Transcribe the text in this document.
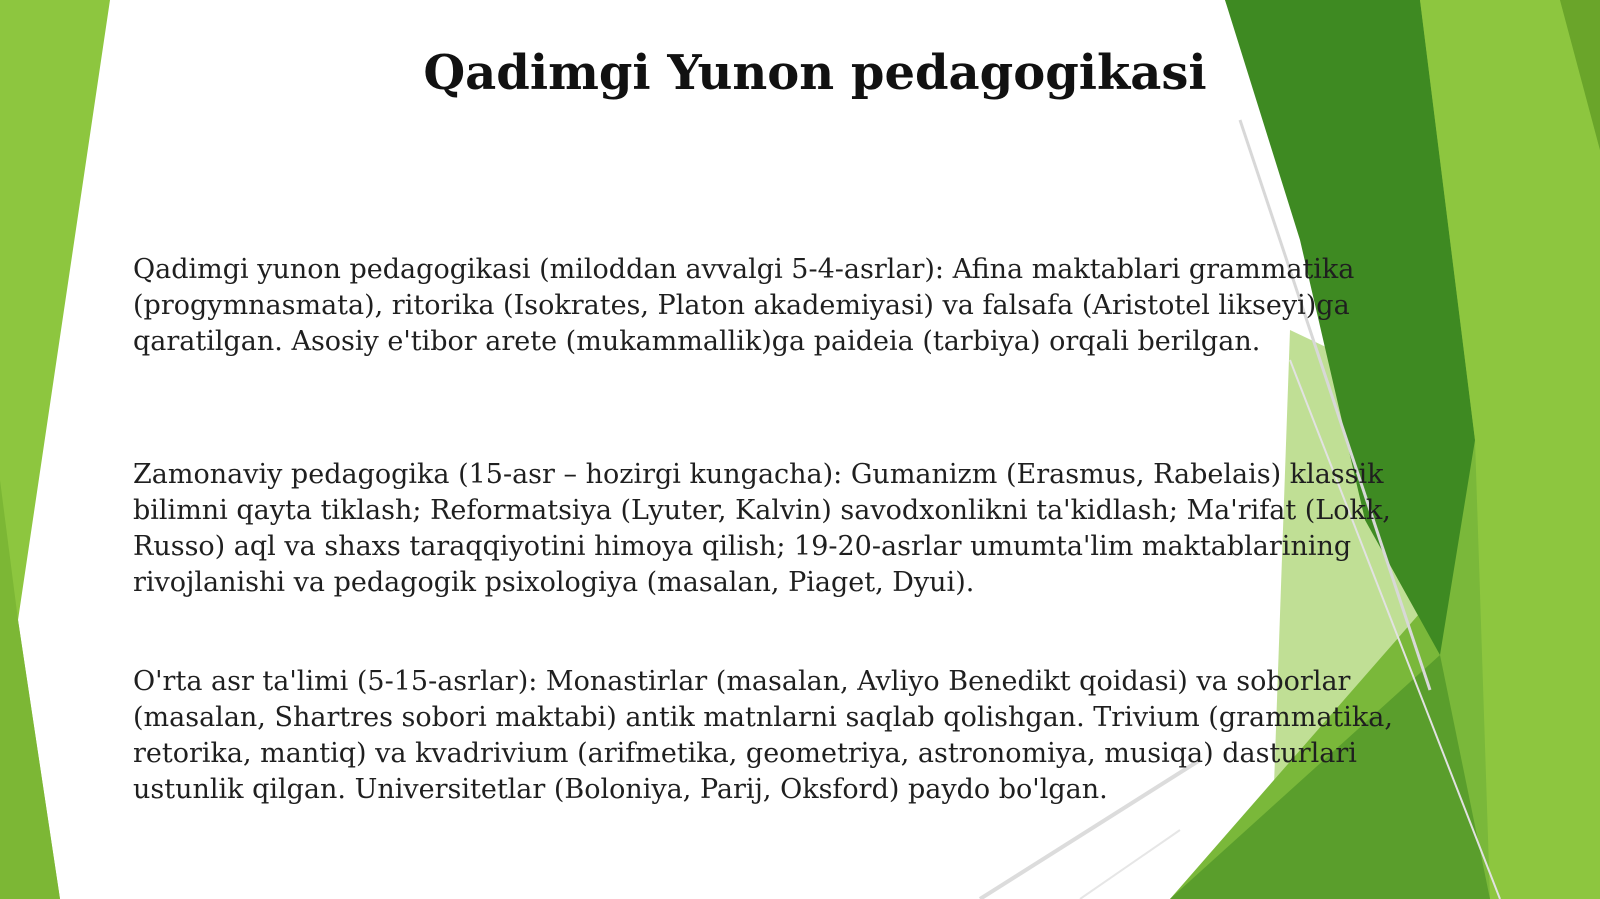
Qadimgi Yunon pedagogikasi

Qadimgi yunon pedagogikasi (miloddan avvalgi 5-4-asrlar): Afina maktablari grammatika
(progymnasmata), ritorika (Isokrates, Platon akademiyasi) va falsafa (Aristotel likseyi)ga
qaratilgan. Asosiy e'tibor arete (mukammallik)ga paideia (tarbiya) orqali berilgan.

Zamonaviy pedagogika (15-asr – hozirgi kungacha): Gumanizm (Erasmus, Rabelais) klassik
bilimni qayta tiklash; Reformatsiya (Lyuter, Kalvin) savodxonlikni ta'kidlash; Ma'rifat (Lokk,
Russo) aql va shaxs taraqqiyotini himoya qilish; 19-20-asrlar umumta'lim maktablarining
rivojlanishi va pedagogik psixologiya (masalan, Piaget, Dyui).

O'rta asr ta'limi (5-15-asrlar): Monastirlar (masalan, Avliyo Benedikt qoidasi) va soborlar
(masalan, Shartres sobori maktabi) antik matnlarni saqlab qolishgan. Trivium (grammatika,
retorika, mantiq) va kvadrivium (arifmetika, geometriya, astronomiya, musiqa) dasturlari
ustunlik qilgan. Universitetlar (Boloniya, Parij, Oksford) paydo bo'lgan.
